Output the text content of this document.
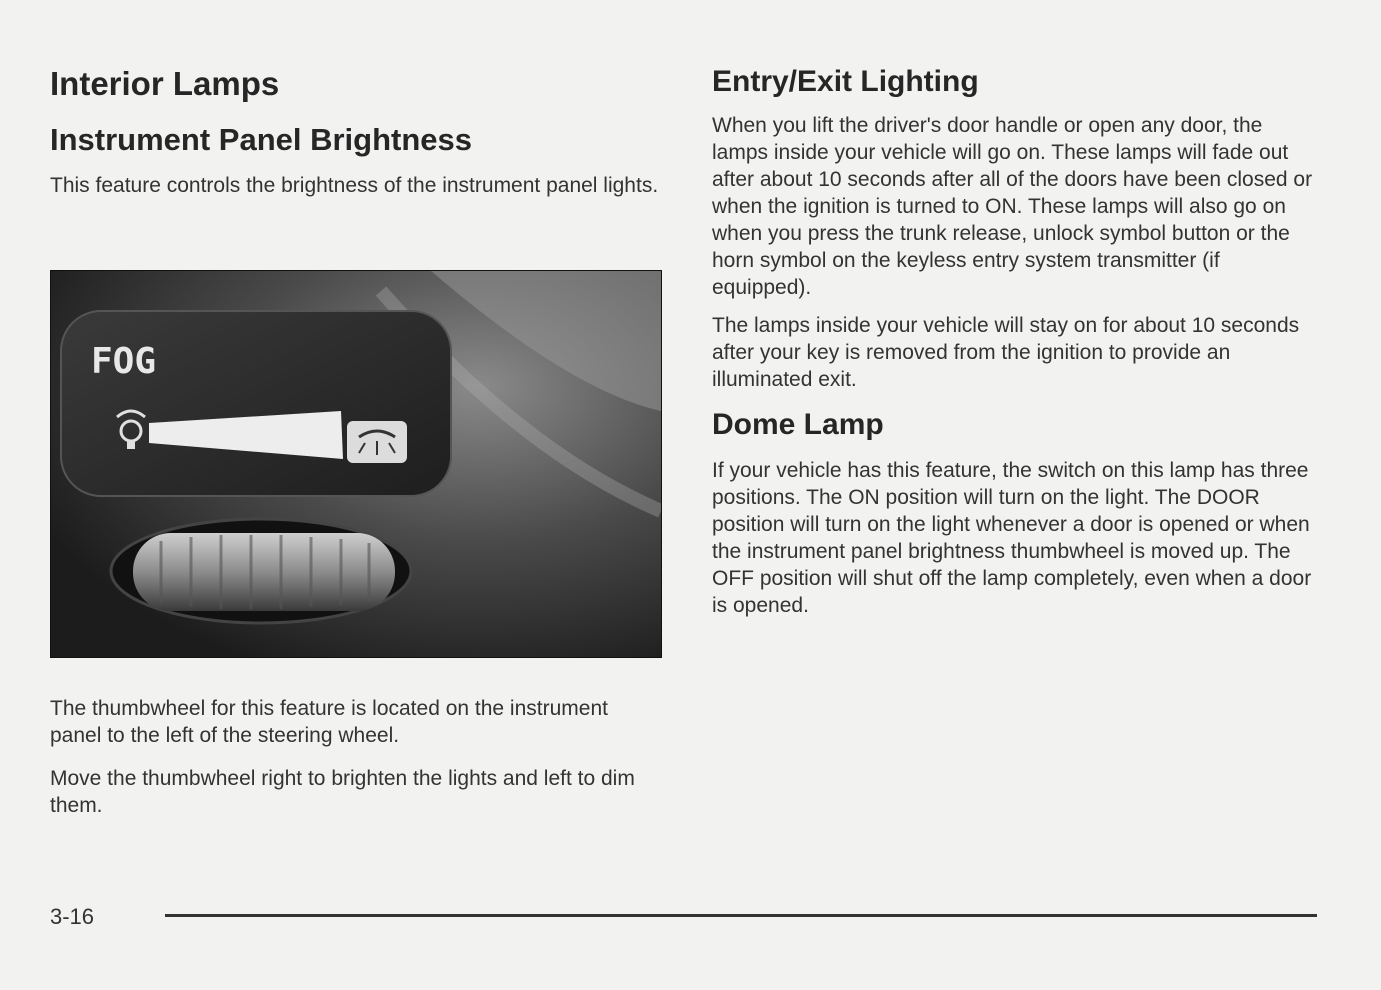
Interior Lamps
Instrument Panel Brightness

This feature controls the brightness of the instrument panel lights.

FOG

The thumbwheel for this feature is located on the instrument panel to the left of the steering wheel.

Move the thumbwheel right to brighten the lights and left to dim them.

Entry/Exit Lighting

When you lift the driver's door handle or open any door, the lamps inside your vehicle will go on. These lamps will fade out after about 10 seconds after all of the doors have been closed or when the ignition is turned to ON. These lamps will also go on when you press the trunk release, unlock symbol button or the horn symbol on the keyless entry system transmitter (if equipped).

The lamps inside your vehicle will stay on for about 10 seconds after your key is removed from the ignition to provide an illuminated exit.

Dome Lamp

If your vehicle has this feature, the switch on this lamp has three positions. The ON position will turn on the light. The DOOR position will turn on the light whenever a door is opened or when the instrument panel brightness thumbwheel is moved up. The OFF position will shut off the lamp completely, even when a door is opened.

3-16
